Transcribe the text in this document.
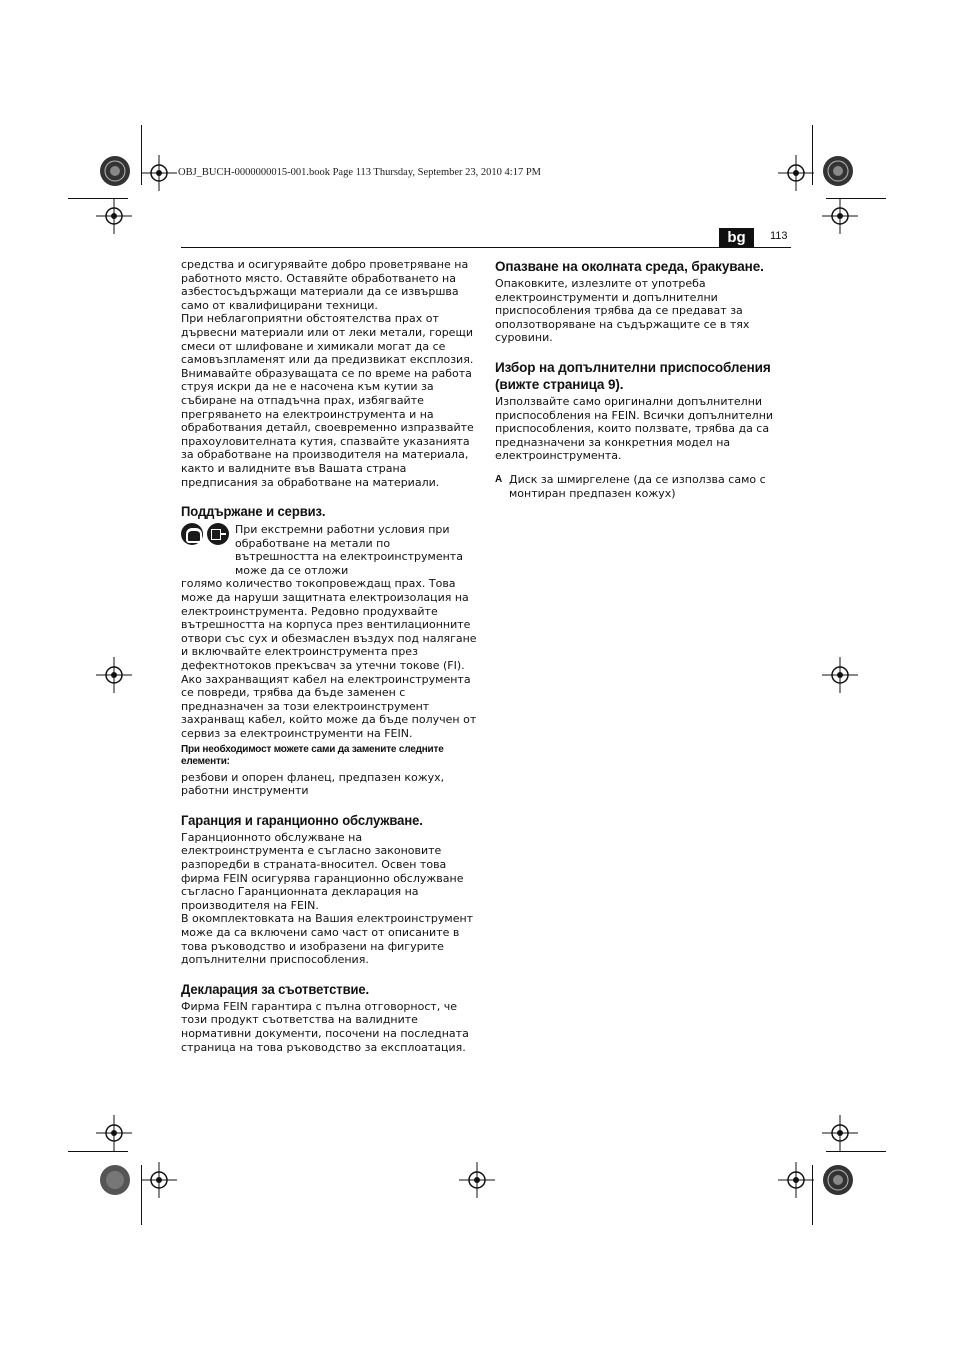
OBJ_BUCH-0000000015-001.book Page 113 Thursday, September 23, 2010 4:17 PM
bg	113

средства и осигурявайте добро проветряване на работното място. Оставяйте обработването на азбестосъдържащи материали да се извършва само от квалифицирани техници.

При неблагоприятни обстоятелства прах от дървесни материали или от леки метали, горещи смеси от шлифоване и химикали могат да се самовъзпламенят или да предизвикат експлозия. Внимавайте образуващата се по време на работа струя искри да не е насочена към кутии за събиране на отпадъчна прах, избягвайте прегряването на електроинструмента и на обработвания детайл, своевременно изпразвайте прахоуловителната кутия, спазвайте указанията за обработване на производителя на материала, както и валидните във Вашата страна предписания за обработване на материали.

Поддържане и сервиз.

При екстремни работни условия при обработване на метали по вътрешността на електроинструмента може да се отложи

голямо количество токопровеждащ прах. Това може да наруши защитната електроизолация на електроинструмента. Редовно продухвайте вътрешността на корпуса през вентилационните отвори със сух и обезмаслен въздух под налягане и включвайте електроинструмента през дефектнотоков прекъсвач за утечни токове (FI).

Ако захранващият кабел на електроинструмента се повреди, трябва да бъде заменен с предназначен за този електроинструмент захранващ кабел, който може да бъде получен от сервиз за електроинструменти на FEIN.

При необходимост можете сами да замените следните елементи:

резбови и опорен фланец, предпазен кожух, работни инструменти

Гаранция и гаранционно обслужване.

Гаранционното обслужване на електроинструмента е съгласно законовите разпоредби в страната-вносител. Освен това фирма FEIN осигурява гаранционно обслужване съгласно Гаранционната декларация на производителя на FEIN.

В окомплектовката на Вашия електроинструмент може да са включени само част от описаните в това ръководство и изобразени на фигурите допълнителни приспособления.

Декларация за съответствие.

Фирма FEIN гарантира с пълна отговорност, че този продукт съответства на валидните нормативни документи, посочени на последната страница на това ръководство за експлоатация.

Опазване на околната среда, бракуване.

Опаковките, излезлите от употреба електроинструменти и допълнителни приспособления трябва да се предават за оползотворяване на съдържащите се в тях суровини.

Избор на допълнителни приспособления (вижте страница 9).

Използвайте само оригинални допълнителни приспособления на FEIN. Всички допълнителни приспособления, които ползвате, трябва да са предназначени за конкретния модел на електроинструмента.

A Диск за шмиргелене (да се използва само с монтиран предпазен кожух)
